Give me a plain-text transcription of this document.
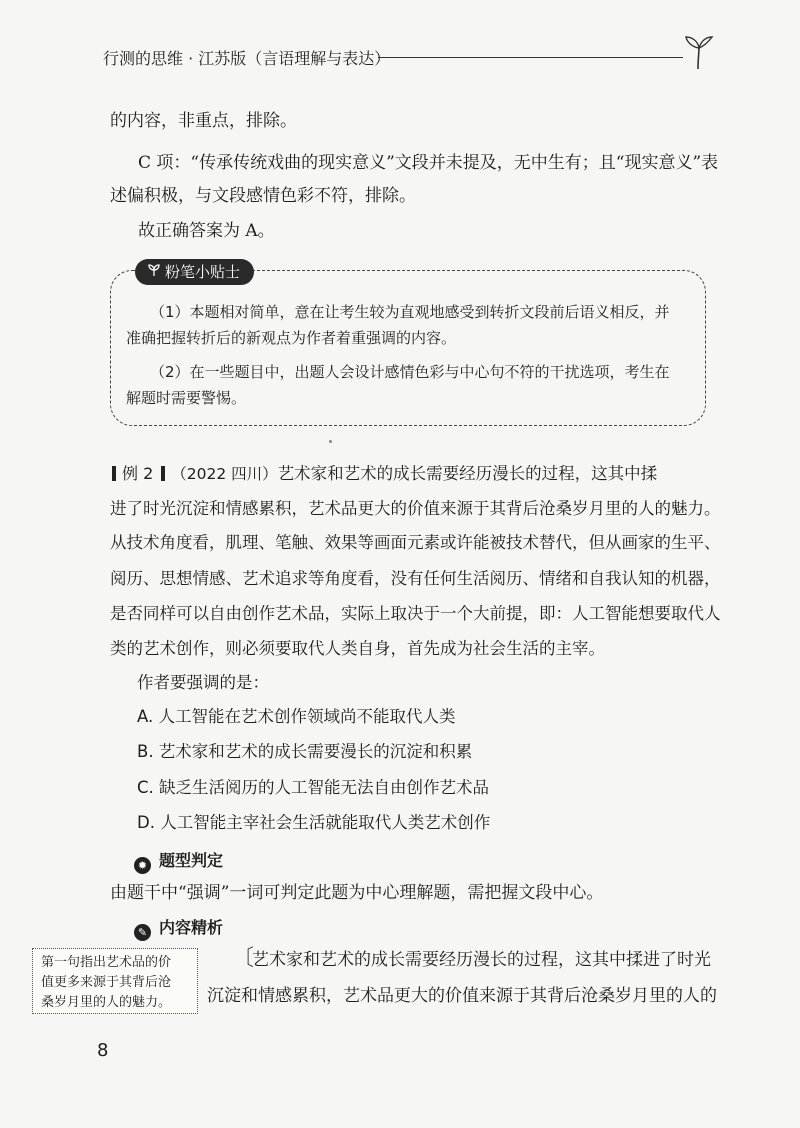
行测的思维 · 江苏版（言语理解与表达）
的内容，非重点，排除。
C 项：“传承传统戏曲的现实意义”文段并未提及，无中生有；且“现实意义”表
述偏积极，与文段感情色彩不符，排除。
故正确答案为 A。
粉笔小贴士
（1）本题相对简单，意在让考生较为直观地感受到转折文段前后语义相反，并
准确把握转折后的新观点为作者着重强调的内容。
（2）在一些题目中，出题人会设计感情色彩与中心句不符的干扰选项，考生在
解题时需要警惕。
例 2 （2022 四川）艺术家和艺术的成长需要经历漫长的过程，这其中揉
进了时光沉淀和情感累积，艺术品更大的价值来源于其背后沧桑岁月里的人的魅力。
从技术角度看，肌理、笔触、效果等画面元素或许能被技术替代，但从画家的生平、
阅历、思想情感、艺术追求等角度看，没有任何生活阅历、情绪和自我认知的机器，
是否同样可以自由创作艺术品，实际上取决于一个大前提，即：人工智能想要取代人
类的艺术创作，则必须要取代人类自身，首先成为社会生活的主宰。
作者要强调的是：
A. 人工智能在艺术创作领域尚不能取代人类
B. 艺术家和艺术的成长需要漫长的沉淀和积累
C. 缺乏生活阅历的人工智能无法自由创作艺术品
D. 人工智能主宰社会生活就能取代人类艺术创作
✹ 题型判定
由题干中“强调”一词可判定此题为中心理解题，需把握文段中心。
✎ 内容精析
〔
艺术家和艺术的成长需要经历漫长的过程，这其中揉进了时光
沉淀和情感累积，艺术品更大的价值来源于其背后沧桑岁月里的人的
第一句指出艺术品的价
值更多来源于其背后沧
桑岁月里的人的魅力。
8
